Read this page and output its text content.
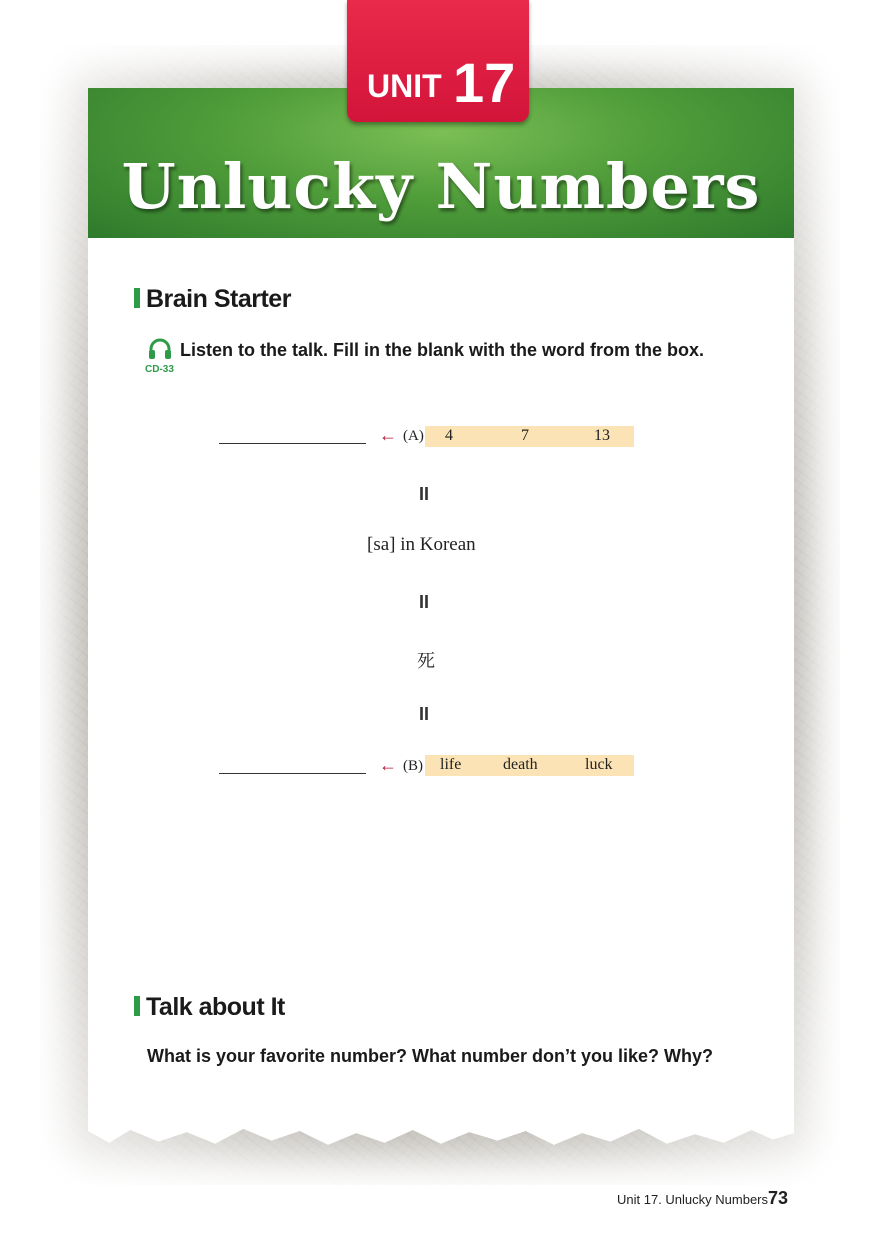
Unlucky Numbers
UNIT 17
Brain Starter
CD-33
Listen to the talk. Fill in the blank with the word from the box.
← (A) 4	7	13
II
[sa] in Korean
II
死
II
← (B) life	death	luck
Talk about It
What is your favorite number? What number don’t you like? Why?
Unit 17. Unlucky Numbers 73
